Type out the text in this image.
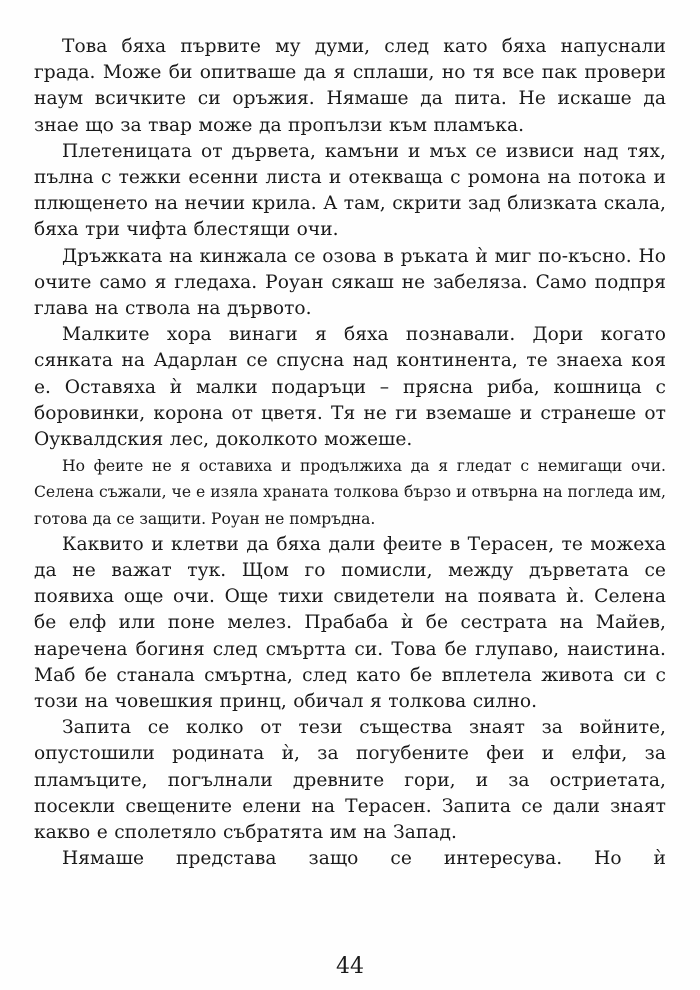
Това бяха първите му думи, след като бяха напуснали града. Може би опитваше да я сплаши, но тя все пак провери наум всичките си оръжия. Нямаше да пита. Не искаше да знае що за твар може да пропълзи към пламъка.

Плетеницата от дървета, камъни и мъх се извиси над тях, пълна с тежки есенни листа и отекваща с ромона на потока и плющенето на нечии крила. А там, скрити зад близката скала, бяха три чифта блестящи очи.

Дръжката на кинжала се озова в ръката ѝ миг по-късно. Но очите само я гледаха. Роуан сякаш не забеляза. Само подпря глава на ствола на дървото.

Малките хора винаги я бяха познавали. Дори когато сянката на Адарлан се спусна над континента, те знаеха коя е. Оставяха ѝ малки подаръци – прясна риба, кошница с боровинки, корона от цветя. Тя не ги вземаше и странеше от Оуквалдския лес, доколкото можеше.

Но феите не я оставиха и продължиха да я гледат с немигащи очи. Селена съжали, че е изяла храната толкова бързо и отвърна на погледа им, готова да се защити. Роуан не помръдна.

Каквито и клетви да бяха дали феите в Терасен, те можеха да не важат тук. Щом го помисли, между дърветата се появиха още очи. Още тихи свидетели на появата ѝ. Селена бе елф или поне мелез. Прабаба ѝ бе сестрата на Майев, наречена богиня след смъртта си. Това бе глупаво, наистина. Маб бе станала смъртна, след като бе вплетела живота си с този на човешкия принц, обичал я толкова силно.

Запита се колко от тези същества знаят за войните, опустошили родината ѝ, за погубените феи и елфи, за пламъците, погълнали древните гори, и за остриетата, посекли свещените елени на Терасен. Запита се дали знаят какво е сполетяло събратята им на Запад.

Нямаше представа защо се интересува. Но ѝ

44
